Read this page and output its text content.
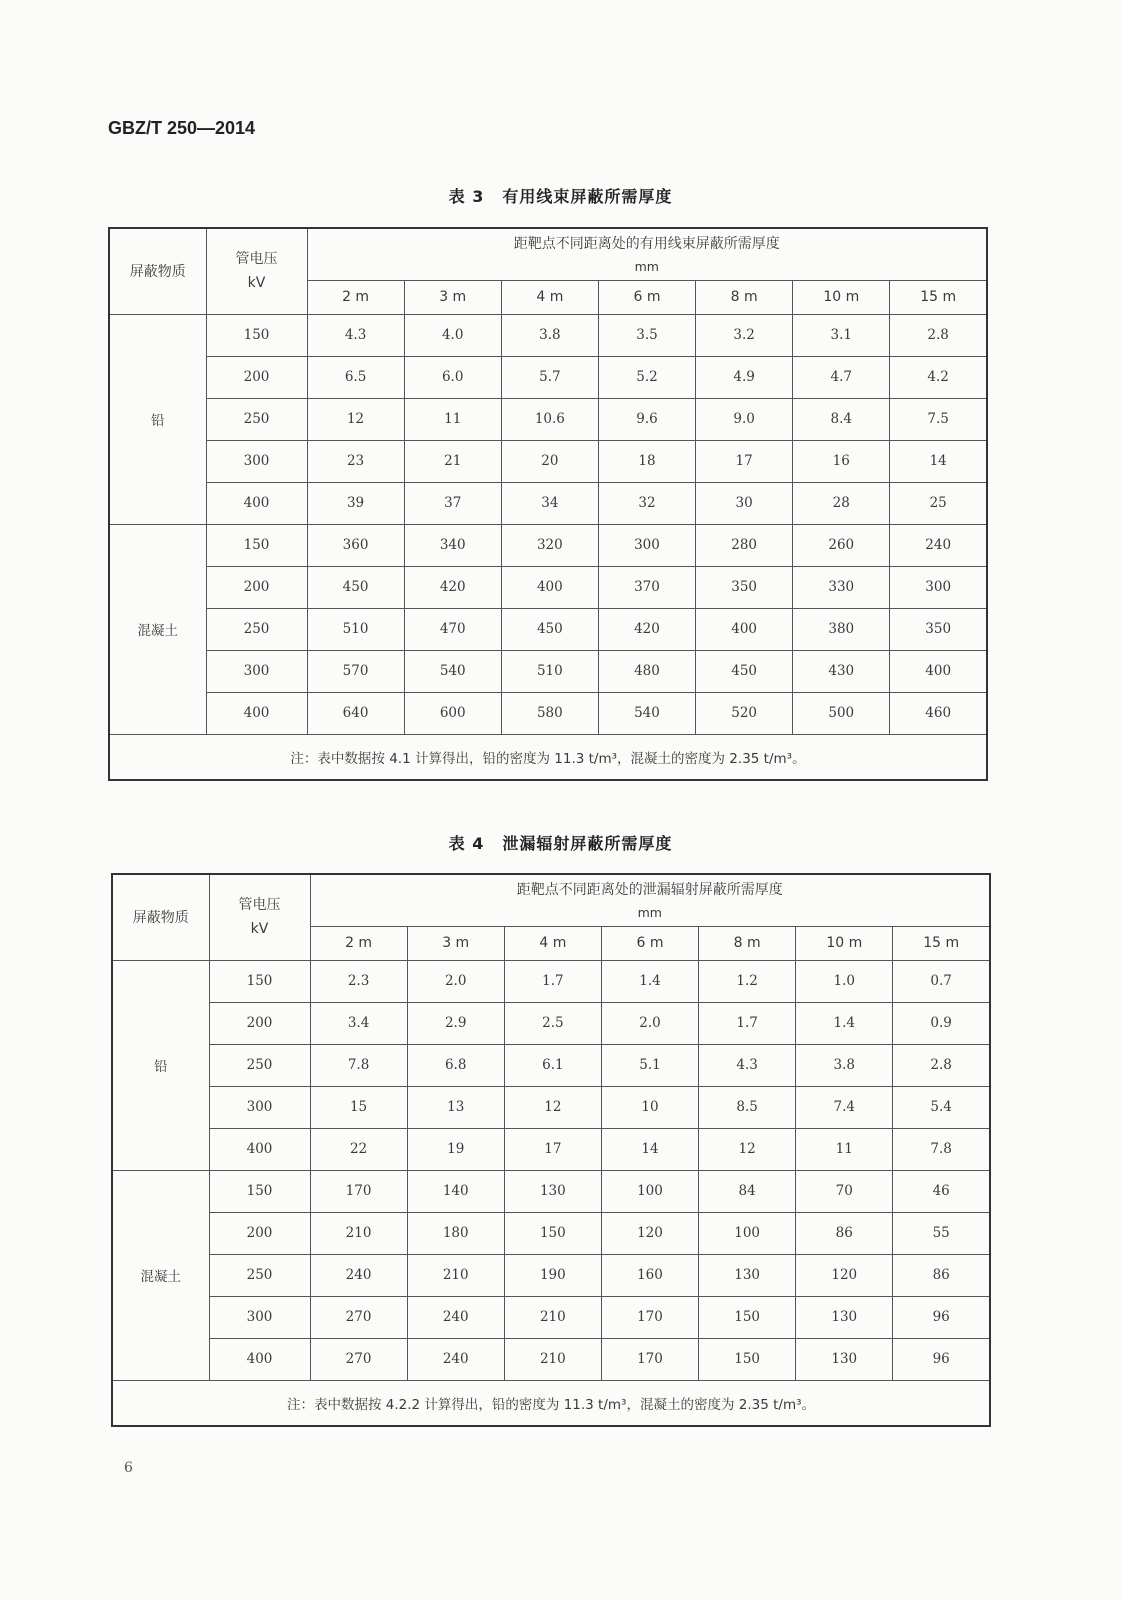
GBZ/T 250—2014
表 3 有用线束屏蔽所需厚度
屏蔽物质	管电压
kV	距靶点不同距离处的有用线束屏蔽所需厚度
mm						

		2 m	3 m	4 m	6 m	8 m	10 m	15 m
铅	150	4.3	4.0	3.8	3.5	3.2	3.1	2.8
	200	6.5	6.0	5.7	5.2	4.9	4.7	4.2
	250	12	11	10.6	9.6	9.0	8.4	7.5
	300	23	21	20	18	17	16	14
	400	39	37	34	32	30	28	25
混凝土	150	360	340	320	300	280	260	240
	200	450	420	400	370	350	330	300
	250	510	470	450	420	400	380	350
	300	570	540	510	480	450	430	400
	400	640	600	580	540	520	500	460
注：表中数据按 4.1 计算得出，铅的密度为 11.3 t/m³，混凝土的密度为 2.35 t/m³。								
表 4 泄漏辐射屏蔽所需厚度
屏蔽物质	管电压
kV	距靶点不同距离处的泄漏辐射屏蔽所需厚度
mm						

		2 m	3 m	4 m	6 m	8 m	10 m	15 m
铅	150	2.3	2.0	1.7	1.4	1.2	1.0	0.7
	200	3.4	2.9	2.5	2.0	1.7	1.4	0.9
	250	7.8	6.8	6.1	5.1	4.3	3.8	2.8
	300	15	13	12	10	8.5	7.4	5.4
	400	22	19	17	14	12	11	7.8
混凝土	150	170	140	130	100	84	70	46
	200	210	180	150	120	100	86	55
	250	240	210	190	160	130	120	86
	300	270	240	210	170	150	130	96
	400	270	240	210	170	150	130	96
注：表中数据按 4.2.2 计算得出，铅的密度为 11.3 t/m³，混凝土的密度为 2.35 t/m³。								
6
